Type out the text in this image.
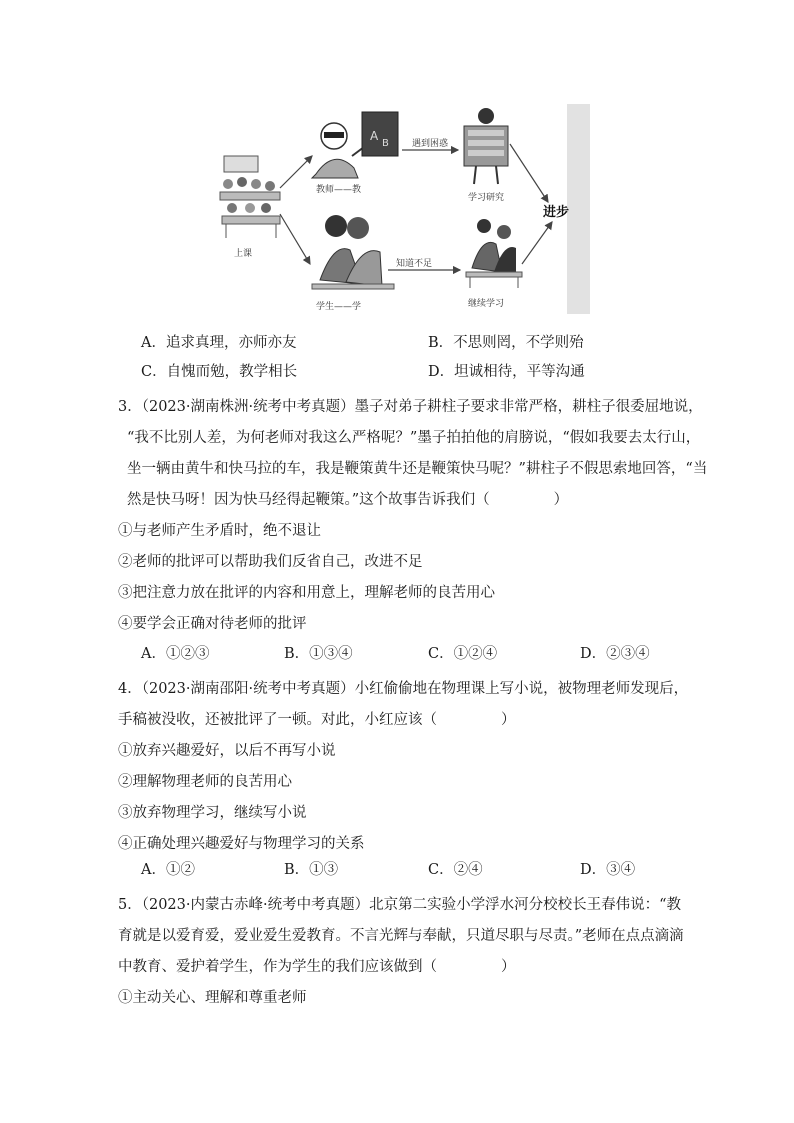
上课
A
B
教师——教
学生——学
学习研究
继续学习
遇到困惑
知道不足
进步
A．追求真理，亦师亦友	B．不思则罔，不学则殆
C．自愧而勉，教学相长	D．坦诚相待，平等沟通

3．（2023·湖南株洲·统考中考真题）墨子对弟子耕柱子要求非常严格，耕柱子很委屈地说，

“我不比别人差，为何老师对我这么严格呢？”墨子拍拍他的肩膀说，“假如我要去太行山，

坐一辆由黄牛和快马拉的车，我是鞭策黄牛还是鞭策快马呢？”耕柱子不假思索地回答，“当

然是快马呀！因为快马经得起鞭策。”这个故事告诉我们（	）

①与老师产生矛盾时，绝不退让

②老师的批评可以帮助我们反省自己，改进不足

③把注意力放在批评的内容和用意上，理解老师的良苦用心

④要学会正确对待老师的批评

A．①②③	B．①③④	C．①②④	D．②③④

4．（2023·湖南邵阳·统考中考真题）小红偷偷地在物理课上写小说，被物理老师发现后，

手稿被没收，还被批评了一顿。对此，小红应该（	）

①放弃兴趣爱好，以后不再写小说

②理解物理老师的良苦用心

③放弃物理学习，继续写小说

④正确处理兴趣爱好与物理学习的关系

A．①②	B．①③	C．②④	D．③④

5．（2023·内蒙古赤峰·统考中考真题）北京第二实验小学浮水河分校校长王春伟说：“教

育就是以爱育爱，爱业爱生爱教育。不言光辉与奉献，只道尽职与尽责。”老师在点点滴滴

中教育、爱护着学生，作为学生的我们应该做到（	）

①主动关心、理解和尊重老师
